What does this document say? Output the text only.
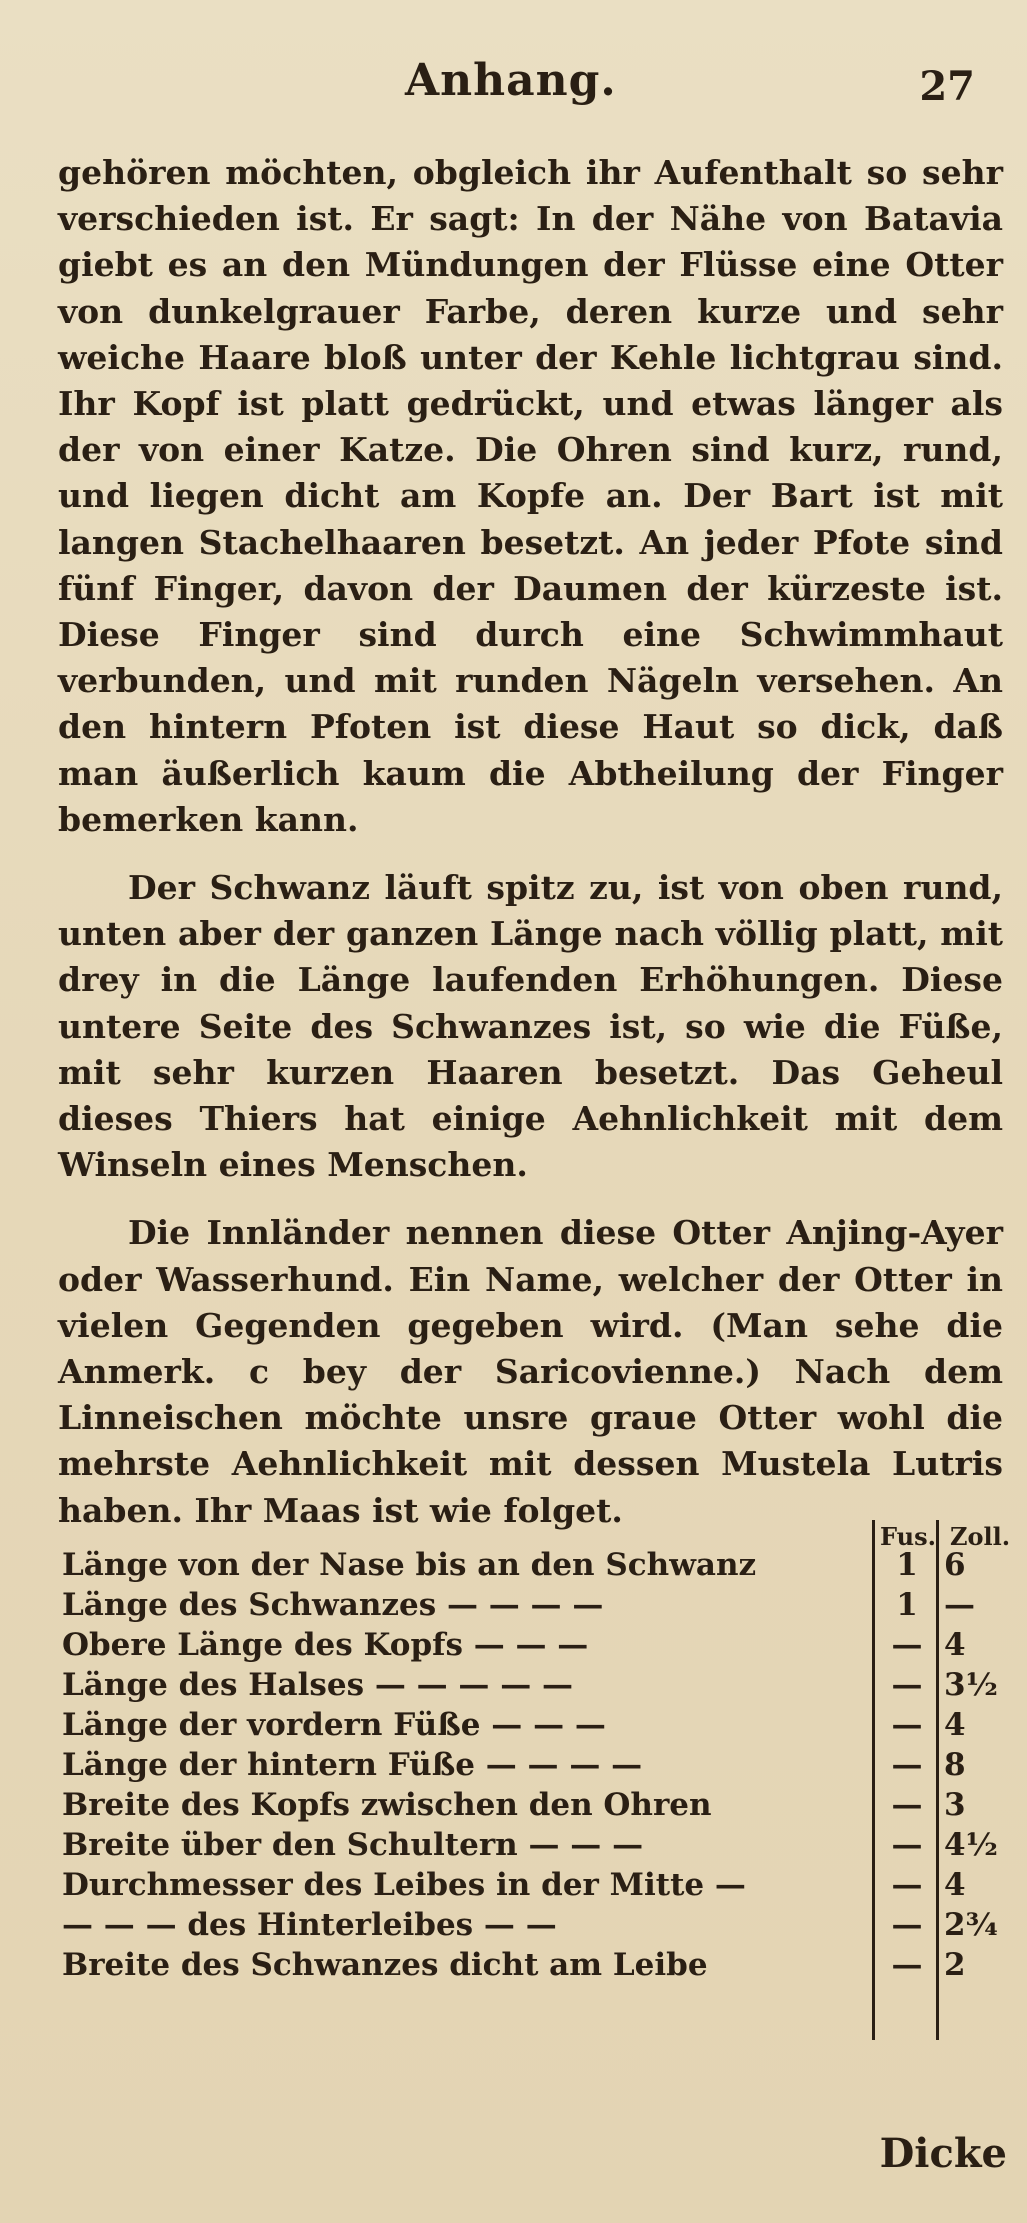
Anhang.	27

gehören möchten, obgleich ihr Aufenthalt so sehr verschieden ist. Er sagt: In der Nähe von Batavia giebt es an den Mündungen der Flüsse eine Otter von dunkelgrauer Farbe, deren kurze und sehr weiche Haare bloß unter der Kehle lichtgrau sind. Ihr Kopf ist platt gedrückt, und etwas länger als der von einer Katze. Die Ohren sind kurz, rund, und liegen dicht am Kopfe an. Der Bart ist mit langen Stachelhaaren besetzt. An jeder Pfote sind fünf Finger, davon der Daumen der kürzeste ist. Diese Finger sind durch eine Schwimmhaut verbunden, und mit runden Nägeln versehen. An den hintern Pfoten ist diese Haut so dick, daß man äußerlich kaum die Abtheilung der Finger bemerken kann.

Der Schwanz läuft spitz zu, ist von oben rund, unten aber der ganzen Länge nach völlig platt, mit drey in die Länge laufenden Erhöhungen. Diese untere Seite des Schwanzes ist, so wie die Füße, mit sehr kurzen Haaren besetzt. Das Geheul dieses Thiers hat einige Aehnlichkeit mit dem Winseln eines Menschen.

Die Innländer nennen diese Otter Anjing-Ayer oder Wasserhund. Ein Name, welcher der Otter in vielen Gegenden gegeben wird. (Man sehe die Anmerk. c bey der Saricovienne.) Nach dem Linneischen möchte unsre graue Otter wohl die mehrste Aehnlichkeit mit dessen Mustela Lutris haben. Ihr Maas ist wie folget.

Fus. Zoll.
Länge von der Nase bis an den Schwanz	1 6
Länge des Schwanzes — — — —	1 —
Obere Länge des Kopfs — — —	— 4
Länge des Halses — — — — —	— 3½
Länge der vordern Füße — — —	— 4
Länge der hintern Füße — — — —	— 8
Breite des Kopfs zwischen den Ohren	— 3
Breite über den Schultern — — —	— 4½
Durchmesser des Leibes in der Mitte —	— 4
— — — des Hinterleibes — —	— 2¾
Breite des Schwanzes dicht am Leibe	— 2
Dicke
